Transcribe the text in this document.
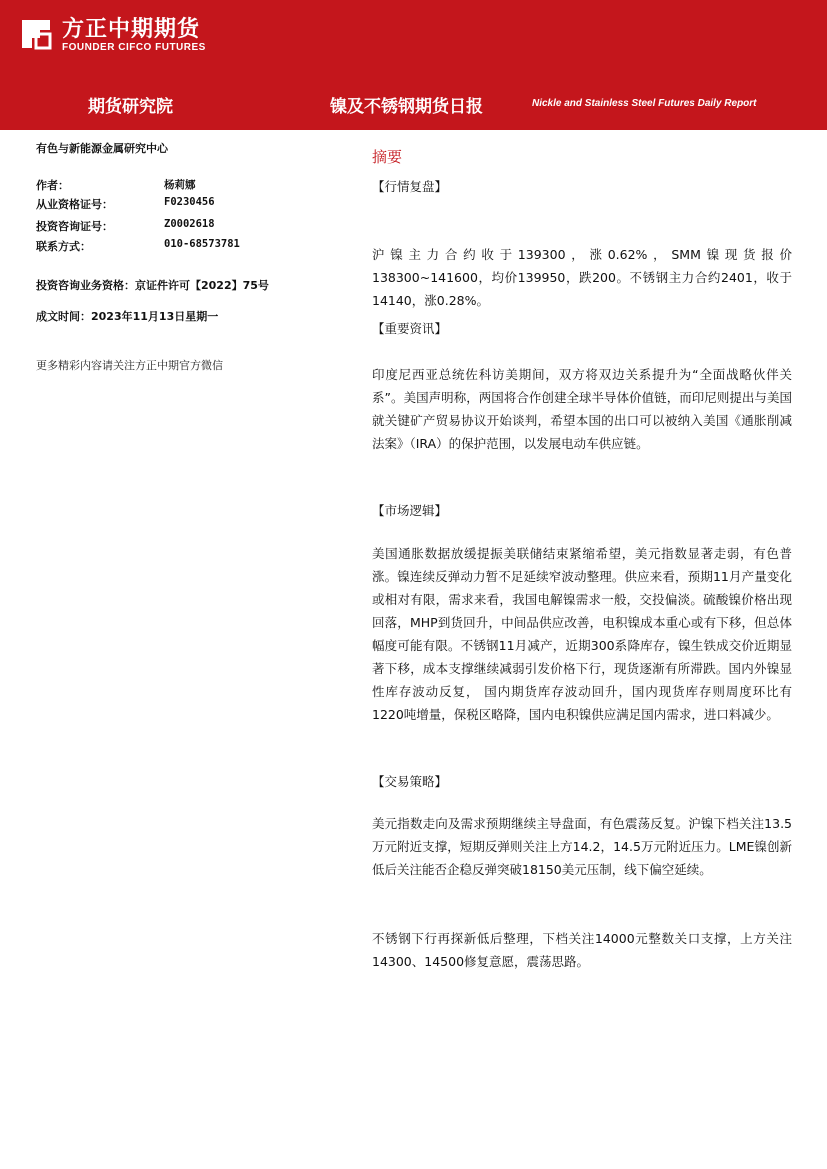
方正中期期货
FOUNDER CIFCO FUTURES
期货研究院	镍及不锈钢期货日报	Nickle and Stainless Steel Futures Daily Report
有色与新能源金属研究中心
作者：	杨莉娜
从业资格证号：	F0230456
投资咨询证号：	Z0002618
联系方式：	010-68573781
投资咨询业务资格：京证件许可【2022】75号
成文时间：2023年11月13日星期一
更多精彩内容请关注方正中期官方微信
摘要
【行情复盘】
沪镍主力合约收于139300，涨0.62%，SMM镍现货报价138300~141600，均价139950，跌200。不锈钢主力合约2401，收于14140，涨0.28%。
【重要资讯】
印度尼西亚总统佐科访美期间，双方将双边关系提升为“全面战略伙伴关系”。美国声明称，两国将合作创建全球半导体价值链，而印尼则提出与美国就关键矿产贸易协议开始谈判，希望本国的出口可以被纳入美国《通胀削减法案》（IRA）的保护范围，以发展电动车供应链。
【市场逻辑】
美国通胀数据放缓提振美联储结束紧缩希望，美元指数显著走弱，有色普涨。镍连续反弹动力暂不足延续窄波动整理。供应来看，预期11月产量变化或相对有限，需求来看，我国电解镍需求一般，交投偏淡。硫酸镍价格出现回落，MHP到货回升，中间品供应改善，电积镍成本重心或有下移，但总体幅度可能有限。不锈钢11月减产，近期300系降库存，镍生铁成交价近期显著下移，成本支撑继续减弱引发价格下行，现货逐渐有所滞跌。国内外镍显性库存波动反复， 国内期货库存波动回升，国内现货库存则周度环比有1220吨增量，保税区略降，国内电积镍供应满足国内需求，进口料减少。
【交易策略】
美元指数走向及需求预期继续主导盘面，有色震荡反复。沪镍下档关注13.5万元附近支撑，短期反弹则关注上方14.2，14.5万元附近压力。LME镍创新低后关注能否企稳反弹突破18150美元压制，线下偏空延续。
不锈钢下行再探新低后整理，下档关注14000元整数关口支撑，上方关注14300、14500修复意愿，震荡思路。
